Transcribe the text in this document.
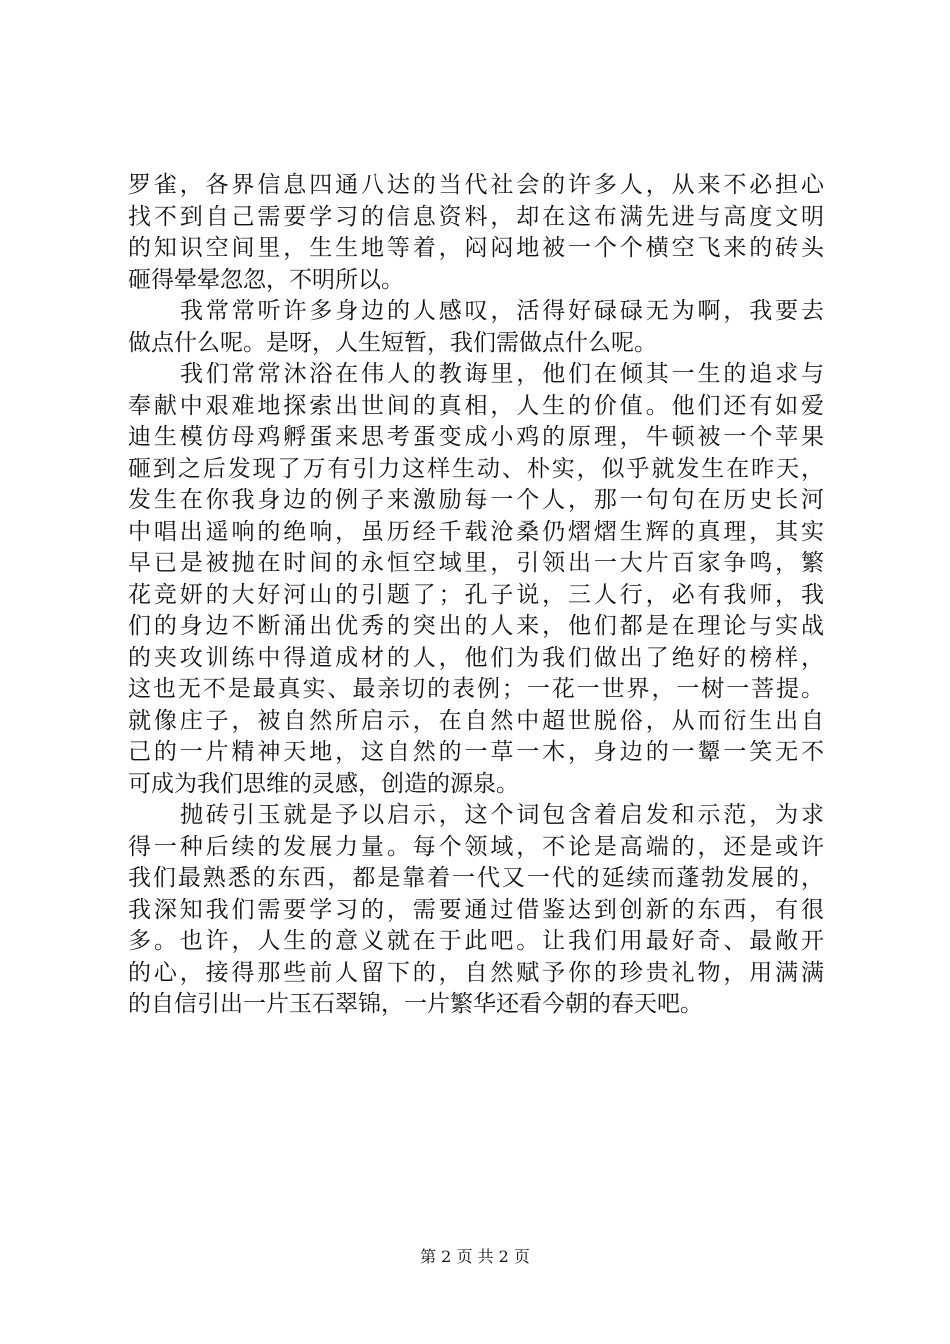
罗雀，各界信息四通八达的当代社会的许多人，从来不必担心
找不到自己需要学习的信息资料，却在这布满先进与高度文明
的知识空间里，生生地等着，闷闷地被一个个横空飞来的砖头
砸得晕晕忽忽，不明所以。
我常常听许多身边的人感叹，活得好碌碌无为啊，我要去
做点什么呢。是呀，人生短暂，我们需做点什么呢。
我们常常沐浴在伟人的教诲里，他们在倾其一生的追求与
奉献中艰难地探索出世间的真相，人生的价值。他们还有如爱
迪生模仿母鸡孵蛋来思考蛋变成小鸡的原理，牛顿被一个苹果
砸到之后发现了万有引力这样生动、朴实，似乎就发生在昨天，
发生在你我身边的例子来激励每一个人，那一句句在历史长河
中唱出遥响的绝响，虽历经千载沧桑仍熠熠生辉的真理，其实
早已是被抛在时间的永恒空域里，引领出一大片百家争鸣，繁
花竞妍的大好河山的引题了；孔子说，三人行，必有我师，我
们的身边不断涌出优秀的突出的人来，他们都是在理论与实战
的夹攻训练中得道成材的人，他们为我们做出了绝好的榜样，
这也无不是最真实、最亲切的表例；一花一世界，一树一菩提。
就像庄子，被自然所启示，在自然中超世脱俗，从而衍生出自
己的一片精神天地，这自然的一草一木，身边的一颦一笑无不
可成为我们思维的灵感，创造的源泉。
抛砖引玉就是予以启示，这个词包含着启发和示范，为求
得一种后续的发展力量。每个领域，不论是高端的，还是或许
我们最熟悉的东西，都是靠着一代又一代的延续而蓬勃发展的，
我深知我们需要学习的，需要通过借鉴达到创新的东西，有很
多。也许，人生的意义就在于此吧。让我们用最好奇、最敞开
的心，接得那些前人留下的，自然赋予你的珍贵礼物，用满满
的自信引出一片玉石翠锦，一片繁华还看今朝的春天吧。
第 2 页 共 2 页
